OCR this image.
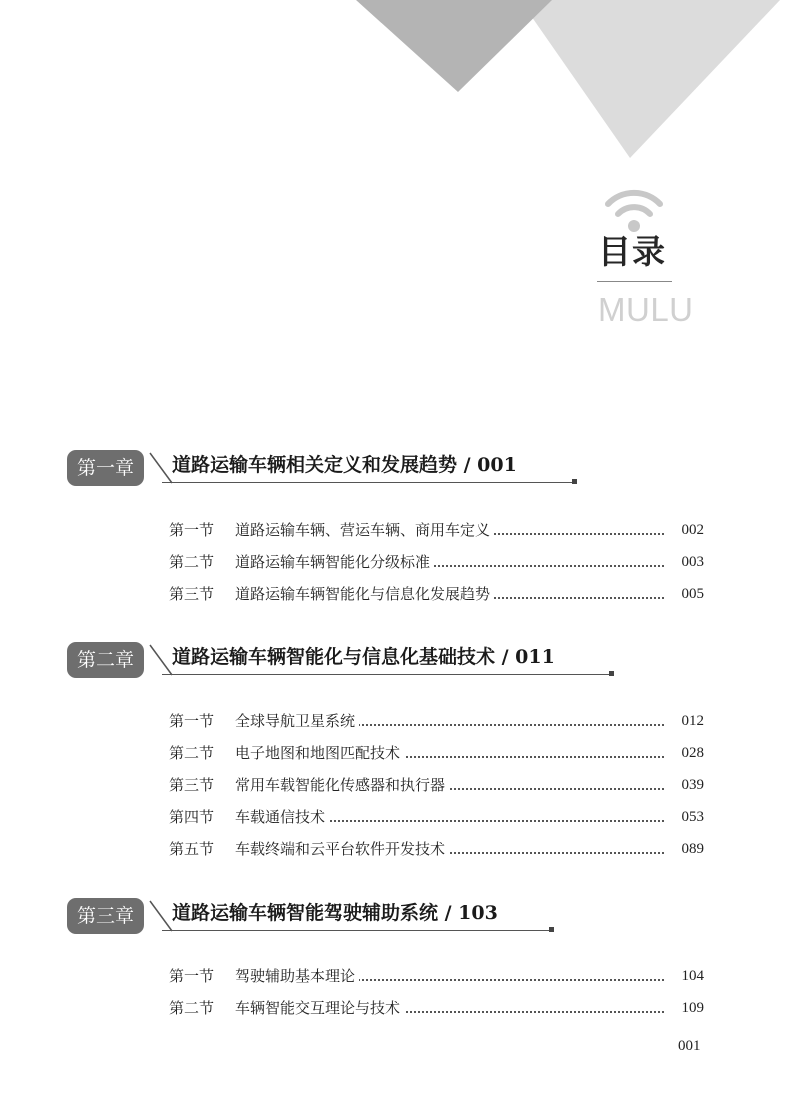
目录
MULU
第一章	道路运输车辆相关定义和发展趋势 / 001
第一节 道路运输车辆、营运车辆、商用车定义	002
第二节 道路运输车辆智能化分级标准	003
第三节 道路运输车辆智能化与信息化发展趋势	005
第二章	道路运输车辆智能化与信息化基础技术 / 011
第一节 全球导航卫星系统	012
第二节 电子地图和地图匹配技术	028
第三节 常用车载智能化传感器和执行器	039
第四节 车载通信技术	053
第五节 车载终端和云平台软件开发技术	089
第三章	道路运输车辆智能驾驶辅助系统 / 103
第一节 驾驶辅助基本理论	104
第二节 车辆智能交互理论与技术	109
001
